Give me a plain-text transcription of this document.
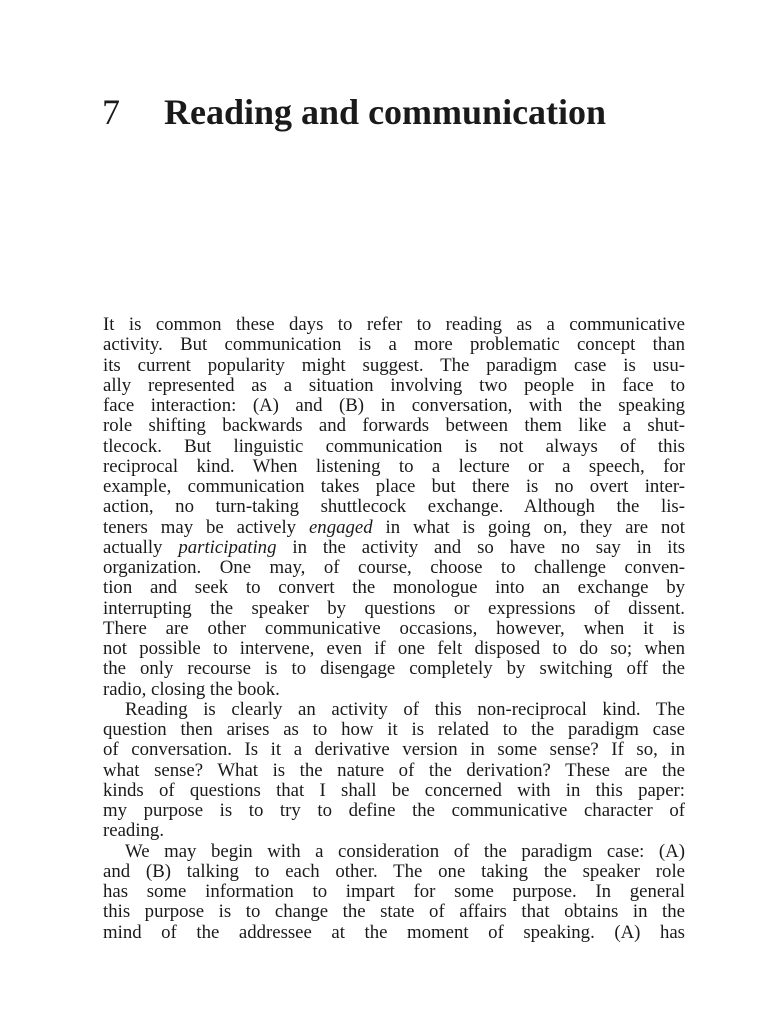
7 Reading and communication
It is common these days to refer to reading as a communicative
activity. But communication is a more problematic concept than
its current popularity might suggest. The paradigm case is usu-
ally represented as a situation involving two people in face to
face interaction: (A) and (B) in conversation, with the speaking
role shifting backwards and forwards between them like a shut-
tlecock. But linguistic communication is not always of this
reciprocal kind. When listening to a lecture or a speech, for
example, communication takes place but there is no overt inter-
action, no turn-taking shuttlecock exchange. Although the lis-
teners may be actively engaged in what is going on, they are not
actually participating in the activity and so have no say in its
organization. One may, of course, choose to challenge conven-
tion and seek to convert the monologue into an exchange by
interrupting the speaker by questions or expressions of dissent.
There are other communicative occasions, however, when it is
not possible to intervene, even if one felt disposed to do so; when
the only recourse is to disengage completely by switching off the
radio, closing the book.
Reading is clearly an activity of this non-reciprocal kind. The
question then arises as to how it is related to the paradigm case
of conversation. Is it a derivative version in some sense? If so, in
what sense? What is the nature of the derivation? These are the
kinds of questions that I shall be concerned with in this paper:
my purpose is to try to define the communicative character of
reading.
We may begin with a consideration of the paradigm case: (A)
and (B) talking to each other. The one taking the speaker role
has some information to impart for some purpose. In general
this purpose is to change the state of affairs that obtains in the
mind of the addressee at the moment of speaking. (A) has
